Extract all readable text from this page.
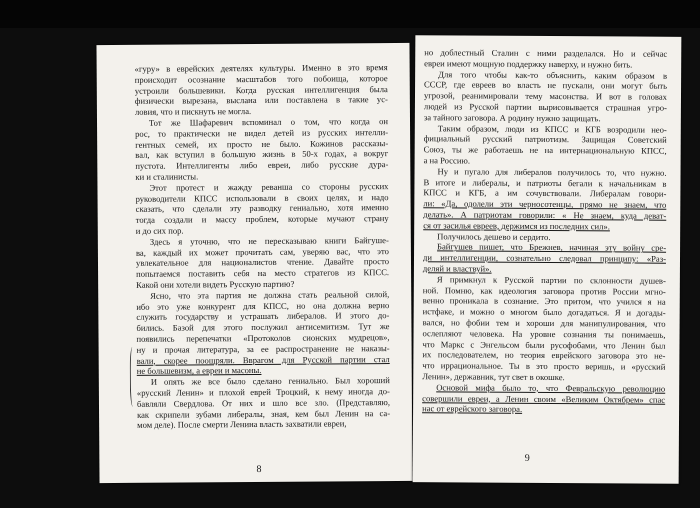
«гуру» в еврейских деятелях культуры. Именно в это время
происходит осознание масштабов того побоища, которое
устроили большевики. Когда русская интеллигенция была
физически вырезана, выслана или поставлена в такие ус-
ловия, что и пискнуть не могла.
Тот же Шафаревич вспоминал о том, что когда он
рос, то практически не видел детей из русских интелли-
гентных семей, их просто не было. Кожинов рассказы-
вал, как вступил в большую жизнь в 50-х годах, а вокруг
пустота. Интеллигенты либо евреи, либо русские дура-
ки и сталинисты.
Этот протест и жажду реванша со стороны русских
руководители КПСС использовали в своих целях, и надо
сказать, что сделали эту разводку гениально, хотя именно
тогда создали и массу проблем, которые мучают страну
и до сих пор.
Здесь я уточню, что не пересказываю книги Байгуше-
ва, каждый их может прочитать сам, уверяю вас, что это
увлекательное для националистов чтение. Давайте просто
попытаемся поставить себя на место стратегов из КПСС.
Какой они хотели видеть Русскую партию?
Ясно, что эта партия не должна стать реальной силой,
ибо это уже конкурент для КПСС, но она должна верно
служить государству и устрашать либералов. И этого до-
бились. Базой для этого послужил антисемитизм. Тут же
появились перепечатки «Протоколов сионских мудрецов»,
ну и прочая литература, за ее распространение не наказы-
вали, скорее поощряли. Вврагом для Русской партии стал
не большевизм, а евреи и масоны.
И опять же все было сделано гениально. Был хороший
«русский Ленин» и плохой еврей Троцкий, к нему иногда до-
бавляли Свердлова. От них и шло все зло. (Представляю,
как скрипели зубами либералы, зная, кем был Ленин на са-
мом деле). После смерти Ленина власть захватили евреи,
8
но доблестный Сталин с ними разделался. Но и сейчас
евреи имеют мощную поддержку наверху, и нужно бить.
Для того чтобы как-то объяснить, каким образом в
СССР, где евреев во власть не пускали, они могут быть
угрозой, реанимировали тему масонства. И вот в головах
людей из Русской партии вырисовывается страшная угро-
за тайного заговора. А родину нужно защищать.
Таким образом, люди из КПСС и КГБ возродили нео-
фициальный русский патриотизм. Защищая Советский
Союз, ты же работаешь не на интернациональную КПСС,
а на Россию.
Ну и пугало для либералов получилось то, что нужно.
В итоге и либералы, и патриоты бегали к начальникам в
КПСС и КГБ, а им сочувствовали. Либералам говори-
ли: «Да, одолели эти черносотенцы, прямо не знаем, что
делать». А патриотам говорили: « Не знаем, куда деват-
ся от засилья евреев, держимся из последних сил».
Получилось дешево и сердито.
Байгушев пишет, что Брежнев, начиная эту войну сре-
ди интеллигенции, сознательно следовал принципу: «Раз-
деляй и властвуй».
Я примкнул к Русской партии по склонности душев-
ной. Помню, как идеология заговора против России мгно-
венно проникала в сознание. Это притом, что учился я на
истфаке, и можно о многом было догадаться. Я и догады-
вался, но фобии тем и хороши для манипулирования, что
ослепляют человека. На уровне сознания ты понимаешь,
что Маркс с Энгельсом были русофобами, что Ленин был
их последователем, но теория еврейского заговора это не-
что иррациональное. Ты в это просто веришь, и «русский
Ленин», державник, тут свет в окошке.
Основой мифа было то, что Февральскую революцию
совершили евреи, а Ленин своим «Великим Октябрем» спас
нас от еврейского заговора.
9
